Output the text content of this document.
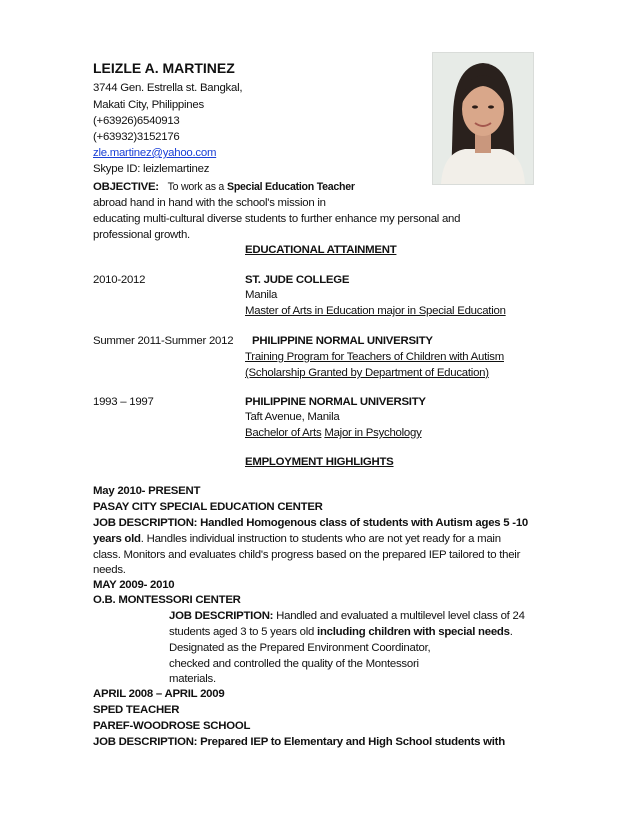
LEIZLE A. MARTINEZ
3744 Gen. Estrella st. Bangkal,
Makati City, Philippines
(+63926)6540913
(+63932)3152176
zle.martinez@yahoo.com
Skype ID: leizlemartinez
OBJECTIVE: To work as a Special Education Teacher
abroad hand in hand with the school's mission in
educating multi-cultural diverse students to further enhance my personal and
professional growth.
EDUCATIONAL ATTAINMENT
2010-2012	ST. JUDE COLLEGE
Manila
Master of Arts in Education major in Special Education
Summer 2011-Summer 2012 PHILIPPINE NORMAL UNIVERSITY
Training Program for Teachers of Children with Autism
(Scholarship Granted by Department of Education)
1993 – 1997	PHILIPPINE NORMAL UNIVERSITY
Taft Avenue, Manila
Bachelor of Arts Major in Psychology
EMPLOYMENT HIGHLIGHTS
May 2010- PRESENT
PASAY CITY SPECIAL EDUCATION CENTER
JOB DESCRIPTION: Handled Homogenous class of students with Autism ages 5 -10
years old. Handles individual instruction to students who are not yet ready for a main
class. Monitors and evaluates child's progress based on the prepared IEP tailored to their
needs.
MAY 2009- 2010
O.B. MONTESSORI CENTER
JOB DESCRIPTION: Handled and evaluated a multilevel level class of 24
students aged 3 to 5 years old including children with special needs.
Designated as the Prepared Environment Coordinator,
checked and controlled the quality of the Montessori
materials.
APRIL 2008 – APRIL 2009
SPED TEACHER
PAREF-WOODROSE SCHOOL
JOB DESCRIPTION: Prepared IEP to Elementary and High School students with
